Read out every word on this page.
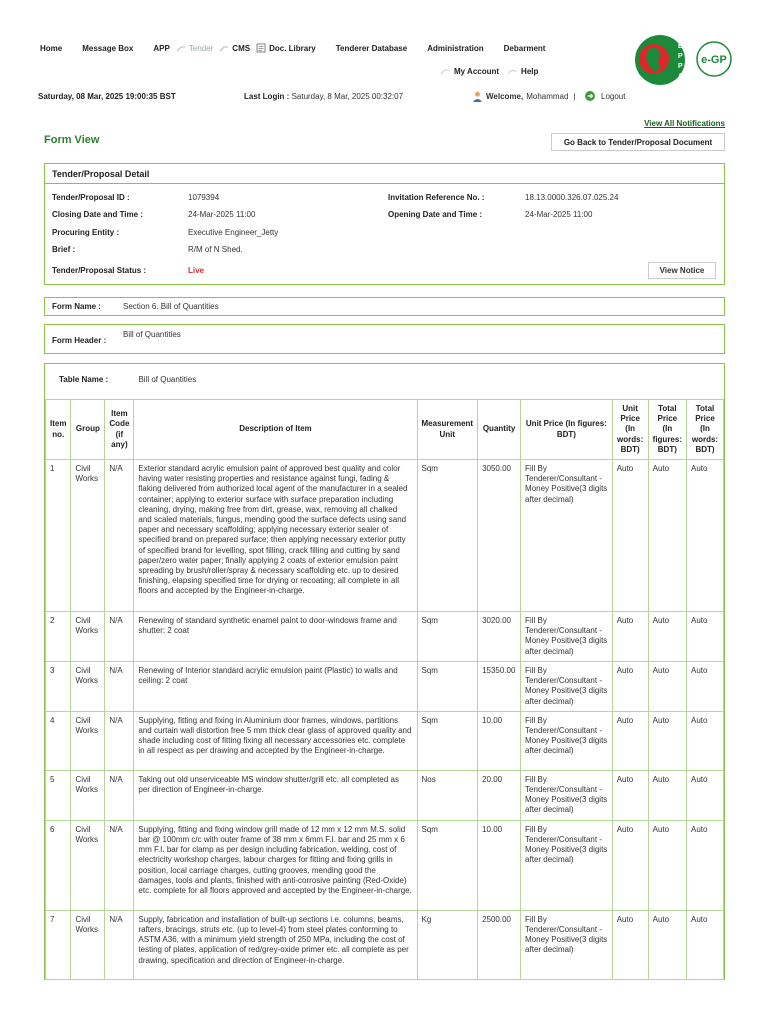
Home	Message Box	APP Tender CMS Doc. Library	Tenderer Database	Administration	Debarment
My Account	Help
B
P
P
A
e-GP
Saturday, 08 Mar, 2025 19:00:35 BST	Last Login : Saturday, 8 Mar, 2025 00:32:07	Welcome, Mohammad |	Logout
View All Notifications
Form View	Go Back to Tender/Proposal Document
Tender/Proposal Detail
Tender/Proposal ID :	1079394	Invitation Reference No. :	18.13.0000.326.07.025.24
Closing Date and Time :	24-Mar-2025 11:00	Opening Date and Time :	24-Mar-2025 11:00
Procuring Entity :	Executive Engineer_Jetty
Brief :	R/M of N Shed.
Tender/Proposal Status :	Live	View Notice
Form Name :	Section 6. Bill of Quantities
Form Header :
Bill of Quantities
Table Name :	Bill of Quantities
Item no.	Group	Item Code (if any)	Description of Item	Measurement Unit	Quantity	Unit Price (In figures: BDT)	Unit Price (In words: BDT)	Total Price (In figures: BDT)	Total Price (In words: BDT)
1	Civil Works	N/A	Exterior standard acrylic emulsion paint of approved best quality and color having water resisting properties and resistance against fungi, fading & flaking delivered from authorized local agent of the manufacturer in a sealed container; applying to exterior surface with surface preparation including cleaning, drying, making free from dirt, grease, wax, removing all chalked and scaled materials, fungus, mending good the surface defects using sand paper and necessary scaffolding; applying necessary exterior sealer of specified brand on prepared surface; then applying necessary exterior putty of specified brand for levelling, spot filling, crack filling and cutting by sand paper/zero water paper; finally applying 2 coats of exterior emulsion paint spreading by brush/roller/spray & necessary scaffolding etc. up to desired finishing, elapsing specified time for drying or recoating; all complete in all floors and accepted by the Engineer-in-charge.	Sqm	3050.00	Fill By Tenderer/Consultant - Money Positive(3 digits after decimal)	Auto	Auto	Auto
2	Civil Works	N/A	Renewing of standard synthetic enamel paint to door-windows frame and shutter: 2 coat	Sqm	3020.00	Fill By Tenderer/Consultant - Money Positive(3 digits after decimal)	Auto	Auto	Auto
3	Civil Works	N/A	Renewing of Interior standard acrylic emulsion paint (Plastic) to walls and ceiling: 2 coat	Sqm	15350.00	Fill By Tenderer/Consultant - Money Positive(3 digits after decimal)	Auto	Auto	Auto
4	Civil Works	N/A	Supplying, fitting and fixing in Aluminium door frames, windows, partitions and curtain wall distortion free 5 mm thick clear glass of approved quality and shade including cost of fitting fixing all necessary accessories etc. complete in all respect as per drawing and accepted by the Engineer-in-charge.	Sqm	10.00	Fill By Tenderer/Consultant - Money Positive(3 digits after decimal)	Auto	Auto	Auto
5	Civil Works	N/A	Taking out old unserviceable MS window shutter/grill etc. all completed as per direction of Engineer-in-charge.	Nos	20.00	Fill By Tenderer/Consultant - Money Positive(3 digits after decimal)	Auto	Auto	Auto
6	Civil Works	N/A	Supplying, fitting and fixing window grill made of 12 mm x 12 mm M.S. solid bar @ 100mm c/c with outer frame of 38 mm x 6mm F.I. bar and 25 mm x 6 mm F.I. bar for clamp as per design including fabrication, welding, cost of electricity workshop charges, labour charges for fitting and fixing grills in position, local carriage charges, cutting grooves, mending good the damages, tools and plants, finished with anti-corrosive painting (Red-Oxide) etc. complete for all floors approved and accepted by the Engineer-in-charge.	Sqm	10.00	Fill By Tenderer/Consultant - Money Positive(3 digits after decimal)	Auto	Auto	Auto
7	Civil Works	N/A	Supply, fabrication and installation of built-up sections i.e. columns, beams, rafters, bracings, struts etc. (up to level-4) from steel plates conforming to ASTM A36, with a minimum yield strength of 250 MPa, including the cost of testing of plates, application of red/grey-oxide primer etc. all complete as per drawing, specification and direction of Engineer-in-charge.	Kg	2500.00	Fill By Tenderer/Consultant - Money Positive(3 digits after decimal)	Auto	Auto	Auto
